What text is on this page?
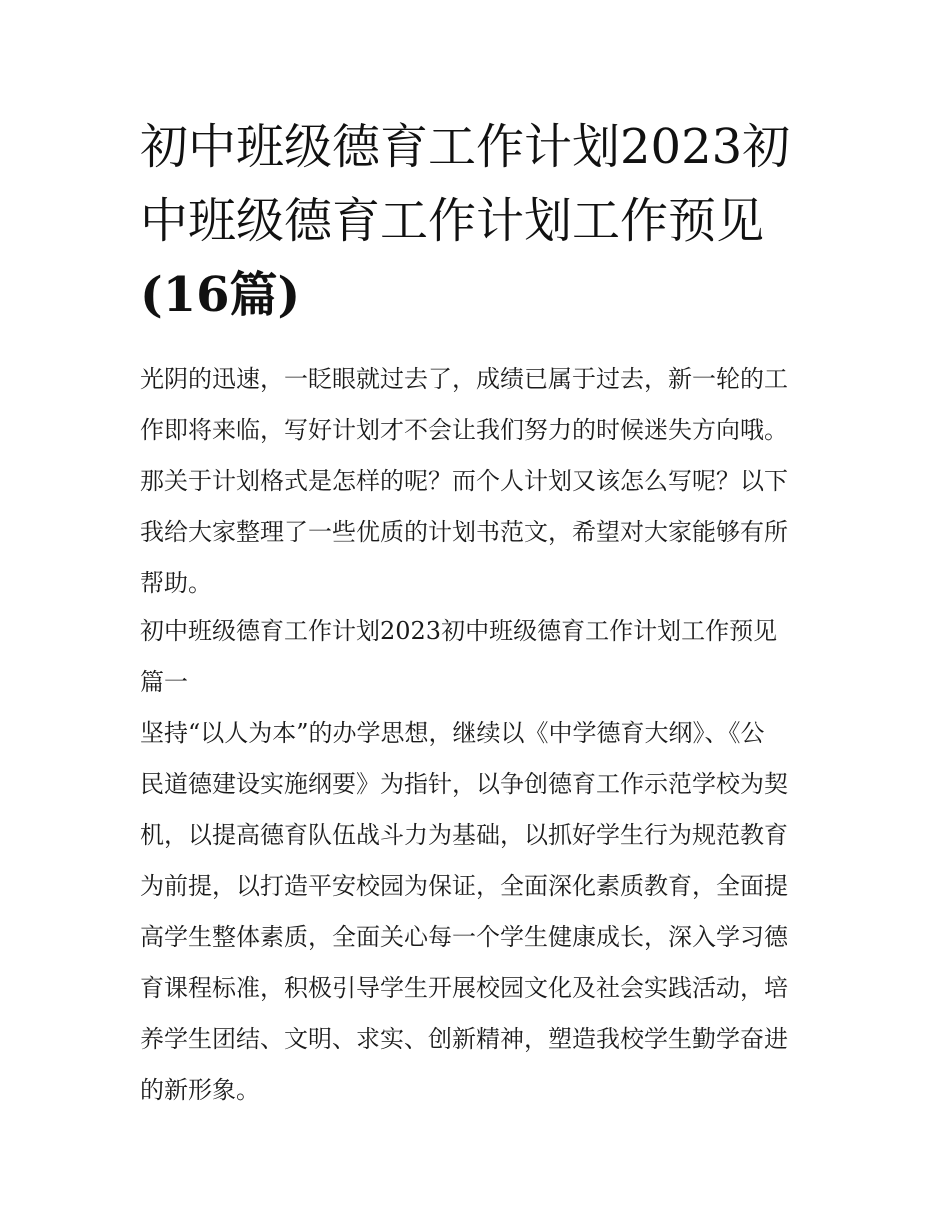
初中班级德育工作计划2023初
中班级德育工作计划工作预见
(16篇)

光阴的迅速，一眨眼就过去了，成绩已属于过去，新一轮的工
作即将来临，写好计划才不会让我们努力的时候迷失方向哦。
那关于计划格式是怎样的呢？而个人计划又该怎么写呢？以下
我给大家整理了一些优质的计划书范文，希望对大家能够有所
帮助。

初中班级德育工作计划2023初中班级德育工作计划工作预见
篇一

坚持“以人为本”的办学思想，继续以《中学德育大纲》、《公
民道德建设实施纲要》为指针，以争创德育工作示范学校为契
机，以提高德育队伍战斗力为基础，以抓好学生行为规范教育
为前提，以打造平安校园为保证，全面深化素质教育，全面提
高学生整体素质，全面关心每一个学生健康成长，深入学习德
育课程标准，积极引导学生开展校园文化及社会实践活动，培
养学生团结、文明、求实、创新精神，塑造我校学生勤学奋进
的新形象。
